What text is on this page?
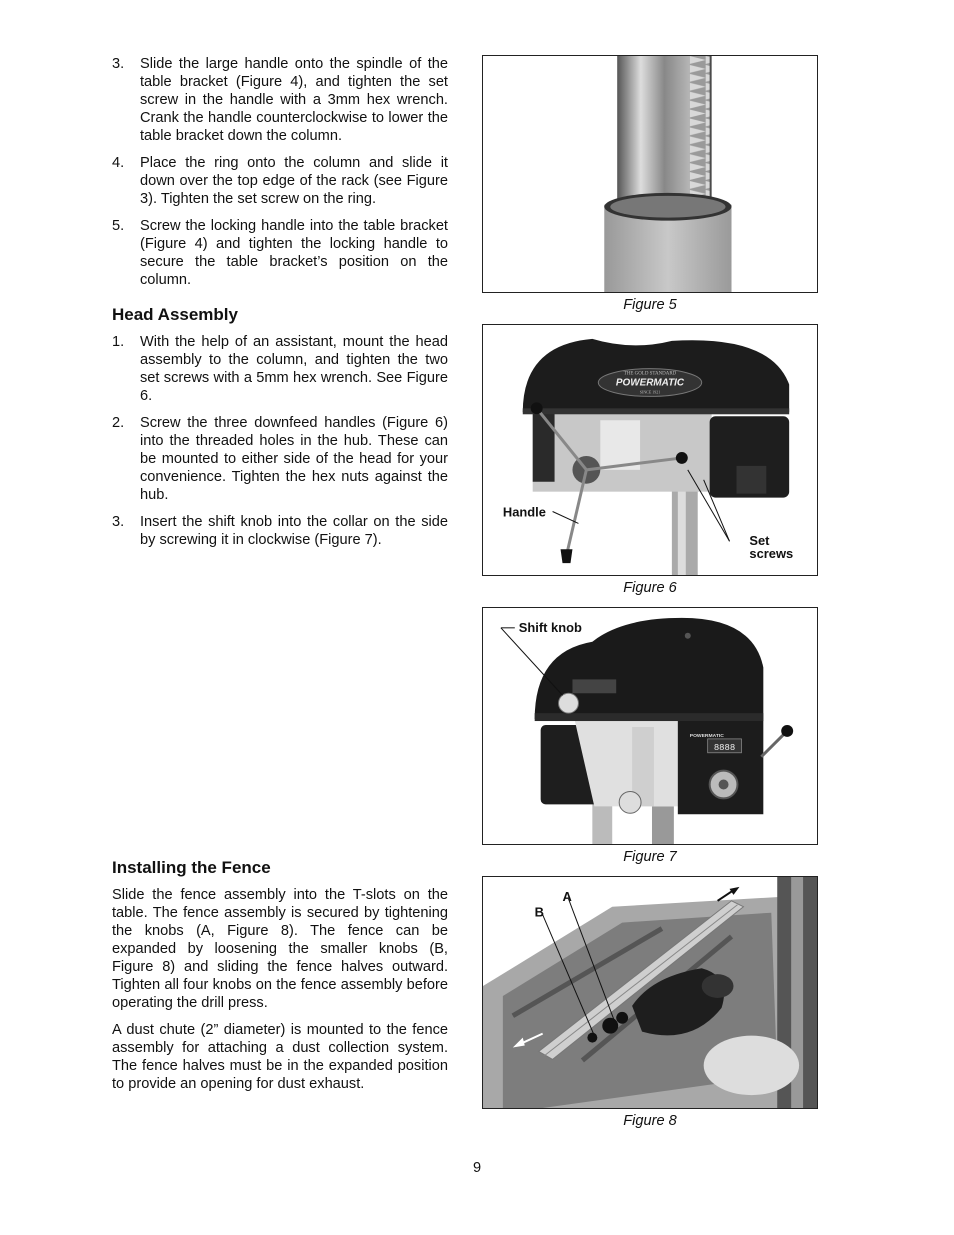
3. Slide the large handle onto the spindle of the table bracket (Figure 4), and tighten the set screw in the handle with a 3mm hex wrench. Crank the handle counterclockwise to lower the table bracket down the column.
4. Place the ring onto the column and slide it down over the top edge of the rack (see Figure 3). Tighten the set screw on the ring.
5. Screw the locking handle into the table bracket (Figure 4) and tighten the locking handle to secure the table bracket’s position on the column.
Head Assembly
1. With the help of an assistant, mount the head assembly to the column, and tighten the two set screws with a 5mm hex wrench. See Figure 6.
2. Screw the three downfeed handles (Figure 6) into the threaded holes in the hub. These can be mounted to either side of the head for your convenience. Tighten the hex nuts against the hub.
3. Insert the shift knob into the collar on the side by screwing it in clockwise (Figure 7).
Installing the Fence
Slide the fence assembly into the T-slots on the table. The fence assembly is secured by tightening the knobs (A, Figure 8). The fence can be expanded by loosening the smaller knobs (B, Figure 8) and sliding the fence halves outward. Tighten all four knobs on the fence assembly before operating the drill press.
A dust chute (2” diameter) is mounted to the fence assembly for attaching a dust collection system. The fence halves must be in the expanded position to provide an opening for dust exhaust.
Figure 5
THE GOLD STANDARD
POWERMATIC
SINCE 1921
Handle
Set
screws
Figure 6
POWERMATIC
8888
Shift knob
Figure 7
A
B
Figure 8
9
